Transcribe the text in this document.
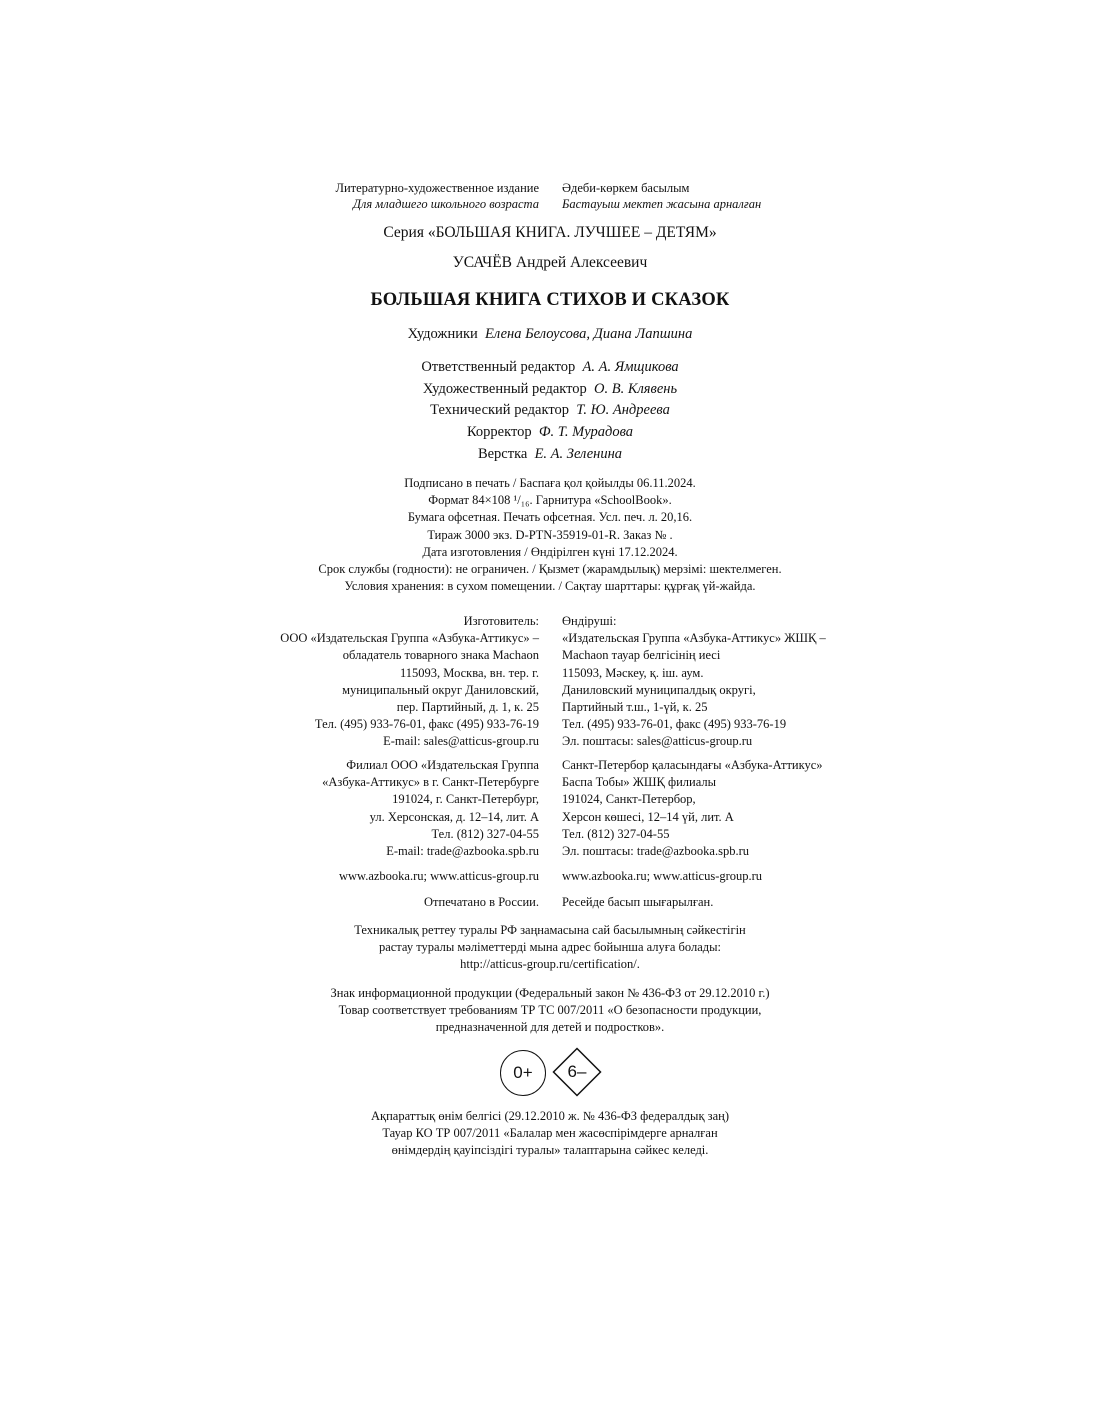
Литературно-художественное издание Әдеби-көркем басылым
Для младшего школьного возраста Бастауыш мектеп жасына арналған
Серия «БОЛЬШАЯ КНИГА. ЛУЧШЕЕ – ДЕТЯМ»
УСАЧЁВ Андрей Алексеевич
БОЛЬШАЯ КНИГА СТИХОВ И СКАЗОК
Художники Елена Белоусова, Диана Лапшина
Ответственный редактор А. А. Ямщикова
Художественный редактор О. В. Клявень
Технический редактор Т. Ю. Андреева
Корректор Ф. Т. Мурадова
Верстка Е. А. Зеленина
Подписано в печать / Баспаға қол қойылды 06.11.2024.
Формат 84×108 ¹/₁₆. Гарнитура «SchoolBook».
Бумага офсетная. Печать офсетная. Усл. печ. л. 20,16.
Тираж 3000 экз. D-PTN-35919-01-R. Заказ № .
Дата изготовления / Өндірілген күні 17.12.2024.
Срок службы (годности): не ограничен. / Қызмет (жарамдылық) мерзімі: шектелмеген.
Условия хранения: в сухом помещении. / Сақтау шарттары: құрғақ үй-жайда.
Изготовитель:
ООО «Издательская Группа «Азбука-Аттикус» –
обладатель товарного знака Machaon
115093, Москва, вн. тер. г.
муниципальный округ Даниловский,
пер. Партийный, д. 1, к. 25
Тел. (495) 933-76-01, факс (495) 933-76-19
E-mail: sales@atticus-group.ru
Өндіруші:
«Издательская Группа «Азбука-Аттикус» ЖШҚ –
Machaon тауар белгісінің иесі
115093, Мәскеу, қ. іш. аум.
Даниловский муниципалдық округі,
Партийный т.ш., 1-үй, к. 25
Тел. (495) 933-76-01, факс (495) 933-76-19
Эл. поштасы: sales@atticus-group.ru
Филиал ООО «Издательская Группа
«Азбука-Аттикус» в г. Санкт-Петербурге
191024, г. Санкт-Петербург,
ул. Херсонская, д. 12–14, лит. А
Тел. (812) 327-04-55
E-mail: trade@azbooka.spb.ru
Санкт-Петербор қаласындағы «Азбука-Аттикус»
Баспа Тобы» ЖШҚ филиалы
191024, Санкт-Петербор,
Херсон көшесі, 12–14 үй, лит. А
Тел. (812) 327-04-55
Эл. поштасы: trade@azbooka.spb.ru
www.azbooka.ru; www.atticus-group.ru www.azbooka.ru; www.atticus-group.ru
Отпечатано в России. Ресейде басып шығарылған.
Техникалық реттеу туралы РФ заңнамасына сай басылымның сәйкестігін
растау туралы мәліметтерді мына адрес бойынша алуға болады:
http://atticus-group.ru/certification/.
Знак информационной продукции (Федеральный закон № 436-ФЗ от 29.12.2010 г.)
Товар соответствует требованиям ТР ТС 007/2011 «О безопасности продукции,
предназначенной для детей и подростков».
0+ 6–
Ақпараттық өнім белгісі (29.12.2010 ж. № 436-ФЗ федералдық заң)
Тауар КО ТР 007/2011 «Балалар мен жасөспірімдерге арналған
өнімдердің қауіпсіздігі туралы» талаптарына сәйкес келеді.
